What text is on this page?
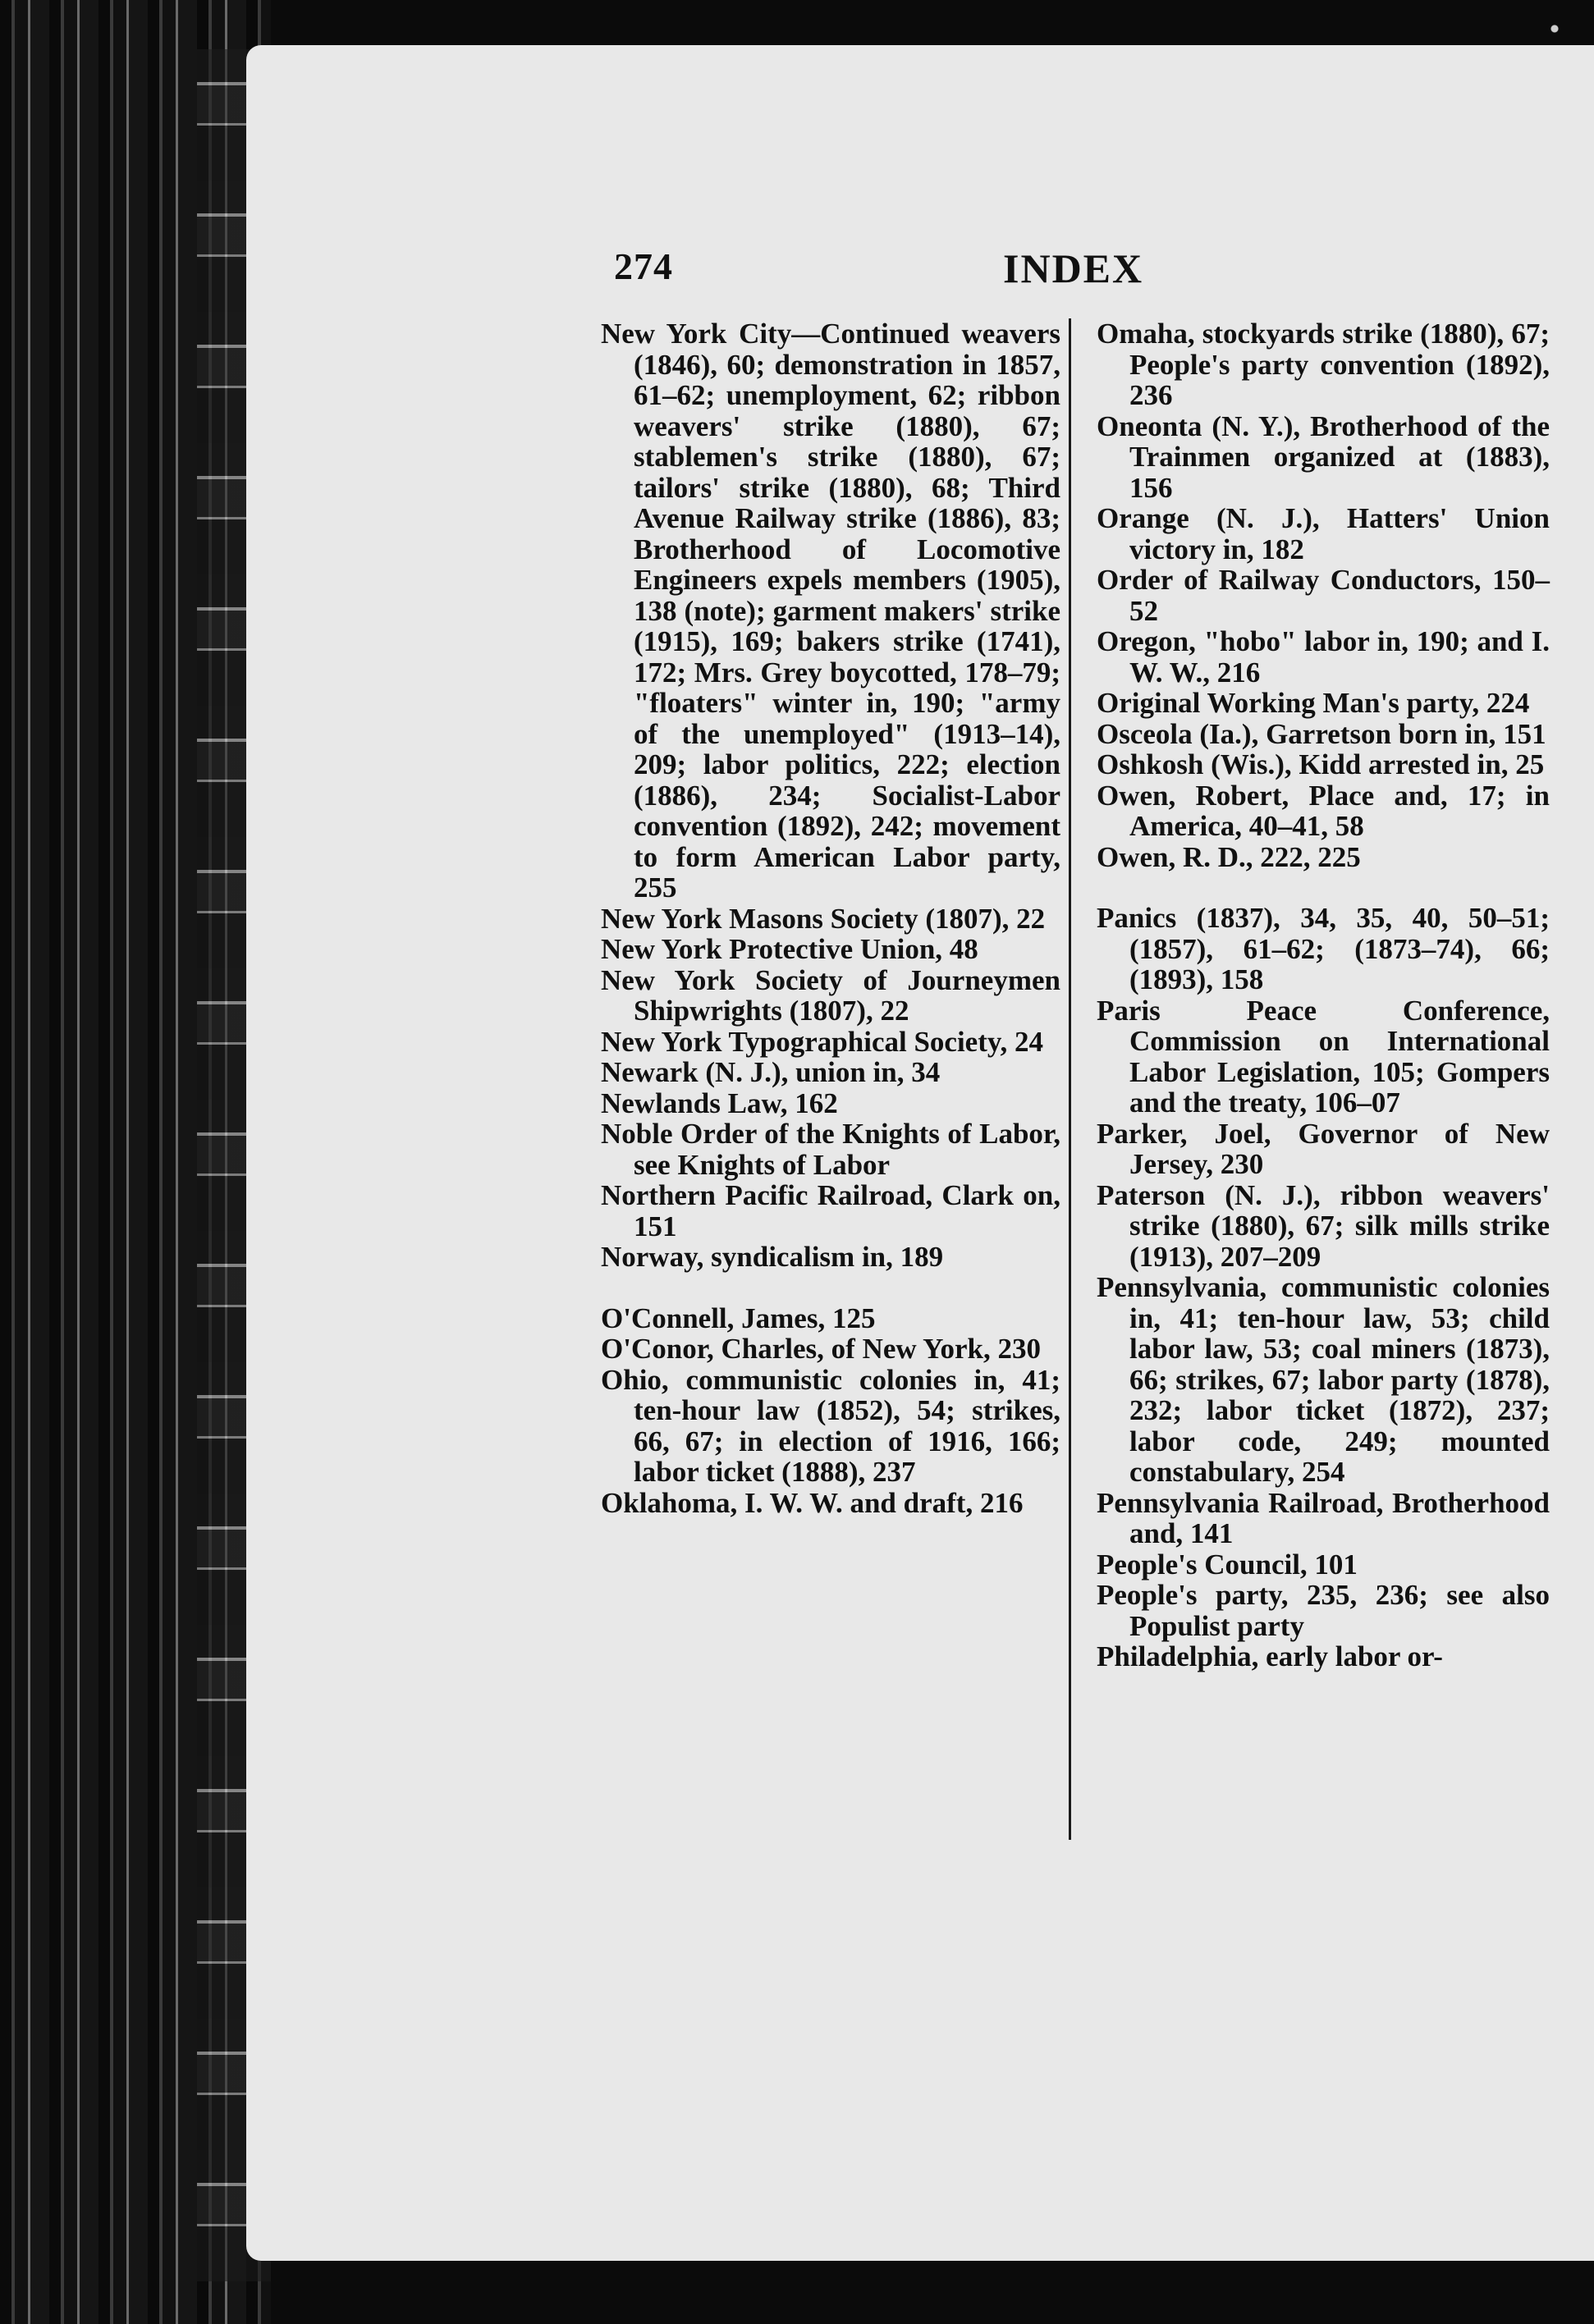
274	INDEX

New York City—Continued weavers (1846), 60; demonstration in 1857, 61–62; unemployment, 62; ribbon weavers' strike (1880), 67; stablemen's strike (1880), 67; tailors' strike (1880), 68; Third Avenue Railway strike (1886), 83; Brotherhood of Locomotive Engineers expels members (1905), 138 (note); garment makers' strike (1915), 169; bakers strike (1741), 172; Mrs. Grey boycotted, 178–79; "floaters" winter in, 190; "army of the unemployed" (1913–14), 209; labor politics, 222; election (1886), 234; Socialist-Labor convention (1892), 242; movement to form American Labor party, 255

New York Masons Society (1807), 22

New York Protective Union, 48

New York Society of Journeymen Shipwrights (1807), 22

New York Typographical Society, 24

Newark (N. J.), union in, 34

Newlands Law, 162

Noble Order of the Knights of Labor, see Knights of Labor

Northern Pacific Railroad, Clark on, 151

Norway, syndicalism in, 189

O'Connell, James, 125

O'Conor, Charles, of New York, 230

Ohio, communistic colonies in, 41; ten-hour law (1852), 54; strikes, 66, 67; in election of 1916, 166; labor ticket (1888), 237

Oklahoma, I. W. W. and draft, 216

Omaha, stockyards strike (1880), 67; People's party convention (1892), 236

Oneonta (N. Y.), Brotherhood of the Trainmen organized at (1883), 156

Orange (N. J.), Hatters' Union victory in, 182

Order of Railway Conductors, 150–52

Oregon, "hobo" labor in, 190; and I. W. W., 216

Original Working Man's party, 224

Osceola (Ia.), Garretson born in, 151

Oshkosh (Wis.), Kidd arrested in, 25

Owen, Robert, Place and, 17; in America, 40–41, 58

Owen, R. D., 222, 225

Panics (1837), 34, 35, 40, 50–51; (1857), 61–62; (1873–74), 66; (1893), 158

Paris Peace Conference, Commission on International Labor Legislation, 105; Gompers and the treaty, 106–07

Parker, Joel, Governor of New Jersey, 230

Paterson (N. J.), ribbon weavers' strike (1880), 67; silk mills strike (1913), 207–209

Pennsylvania, communistic colonies in, 41; ten-hour law, 53; child labor law, 53; coal miners (1873), 66; strikes, 67; labor party (1878), 232; labor ticket (1872), 237; labor code, 249; mounted constabulary, 254

Pennsylvania Railroad, Brotherhood and, 141

People's Council, 101

People's party, 235, 236; see also Populist party

Philadelphia, early labor or-
